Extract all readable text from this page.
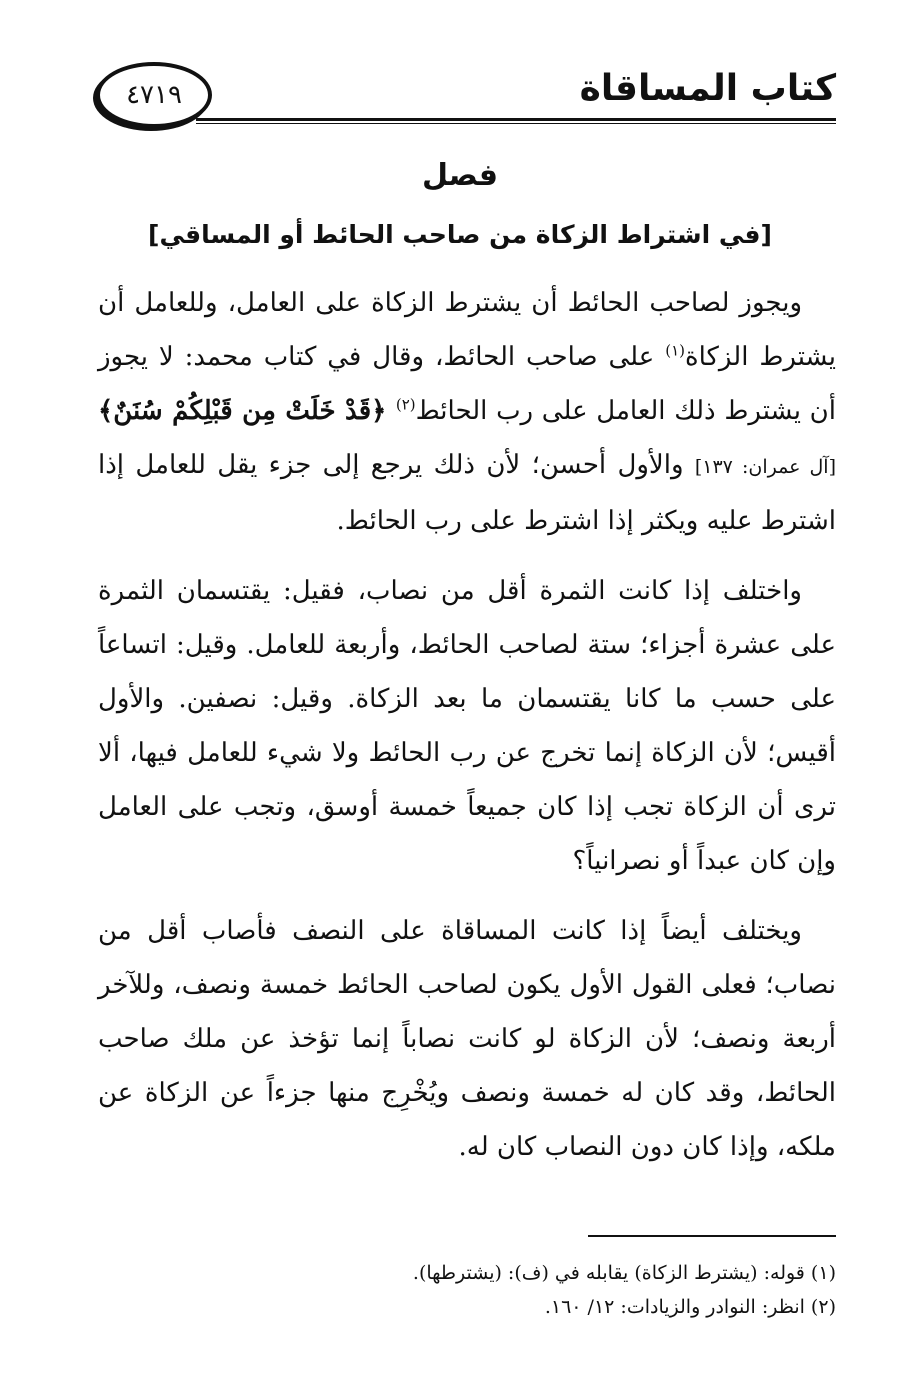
٤٧١٩	كتاب المساقاة
فصل
[في اشتراط الزكاة من صاحب الحائط أو المساقي]

ويجوز لصاحب الحائط أن يشترط الزكاة على العامل، وللعامل أن يشترط الزكاة$^{(١)}$ على صاحب الحائط، وقال في كتاب محمد: لا يجوز أن يشترط ذلك العامل على رب الحائط$^{(٢)}$ ﴿قَدْ خَلَتْ مِن قَبْلِكُمْ سُنَنٌ﴾ [آل عمران: ١٣٧] والأول أحسن؛ لأن ذلك يرجع إلى جزء يقل للعامل إذا اشترط عليه ويكثر إذا اشترط على رب الحائط.

واختلف إذا كانت الثمرة أقل من نصاب، فقيل: يقتسمان الثمرة على عشرة أجزاء؛ ستة لصاحب الحائط، وأربعة للعامل. وقيل: اتساعاً على حسب ما كانا يقتسمان ما بعد الزكاة. وقيل: نصفين. والأول أقيس؛ لأن الزكاة إنما تخرج عن رب الحائط ولا شيء للعامل فيها، ألا ترى أن الزكاة تجب إذا كان جميعاً خمسة أوسق، وتجب على العامل وإن كان عبداً أو نصرانياً؟

ويختلف أيضاً إذا كانت المساقاة على النصف فأصاب أقل من نصاب؛ فعلى القول الأول يكون لصاحب الحائط خمسة ونصف، وللآخر أربعة ونصف؛ لأن الزكاة لو كانت نصاباً إنما تؤخذ عن ملك صاحب الحائط، وقد كان له خمسة ونصف ويُخْرِج منها جزءاً عن الزكاة عن ملكه، وإذا كان دون النصاب كان له.

(١) قوله: (يشترط الزكاة) يقابله في (ف): (يشترطها).
(٢) انظر: النوادر والزيادات: ١٢/ ١٦٠.
